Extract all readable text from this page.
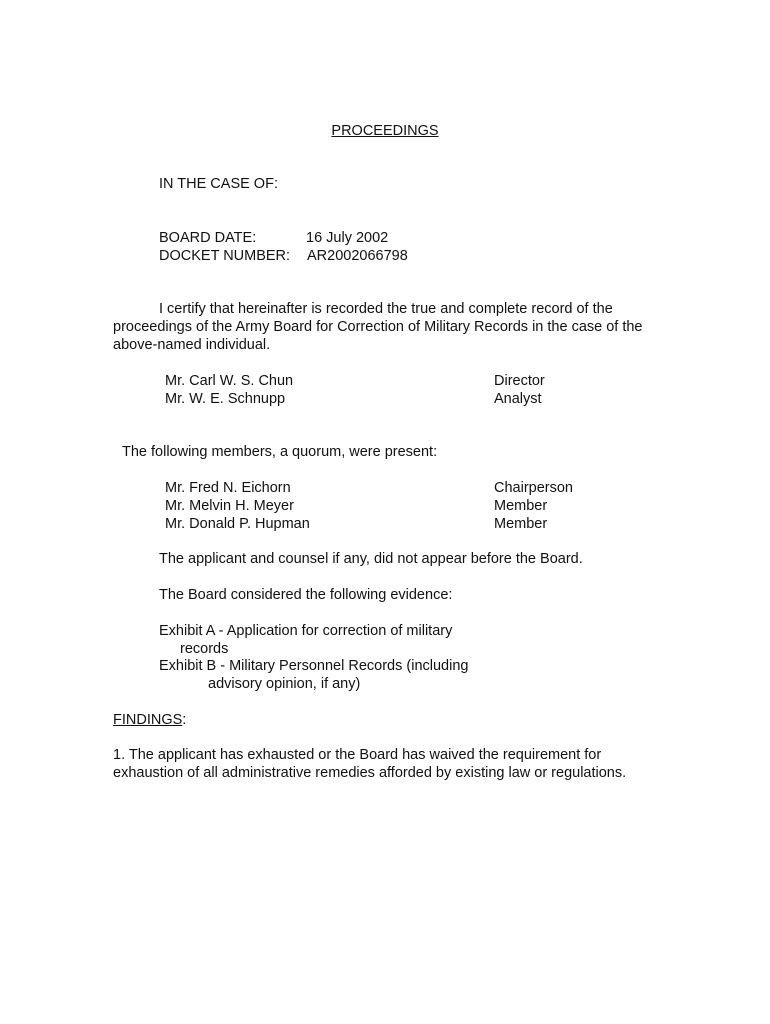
PROCEEDINGS
IN THE CASE OF:
BOARD DATE:	16 July 2002
DOCKET NUMBER: AR2002066798
I certify that hereinafter is recorded the true and complete record of the proceedings of the Army Board for Correction of Military Records in the case of the above-named individual.
Mr. Carl W. S. Chun	Director
Mr. W. E. Schnupp	Analyst
The following members, a quorum, were present:
Mr. Fred N. Eichorn	Chairperson
Mr. Melvin H. Meyer	Member
Mr. Donald P. Hupman	Member
The applicant and counsel if any, did not appear before the Board.
The Board considered the following evidence:
Exhibit A - Application for correction of military
records
Exhibit B - Military Personnel Records (including
advisory opinion, if any)
FINDINGS:
1. The applicant has exhausted or the Board has waived the requirement for exhaustion of all administrative remedies afforded by existing law or regulations.
